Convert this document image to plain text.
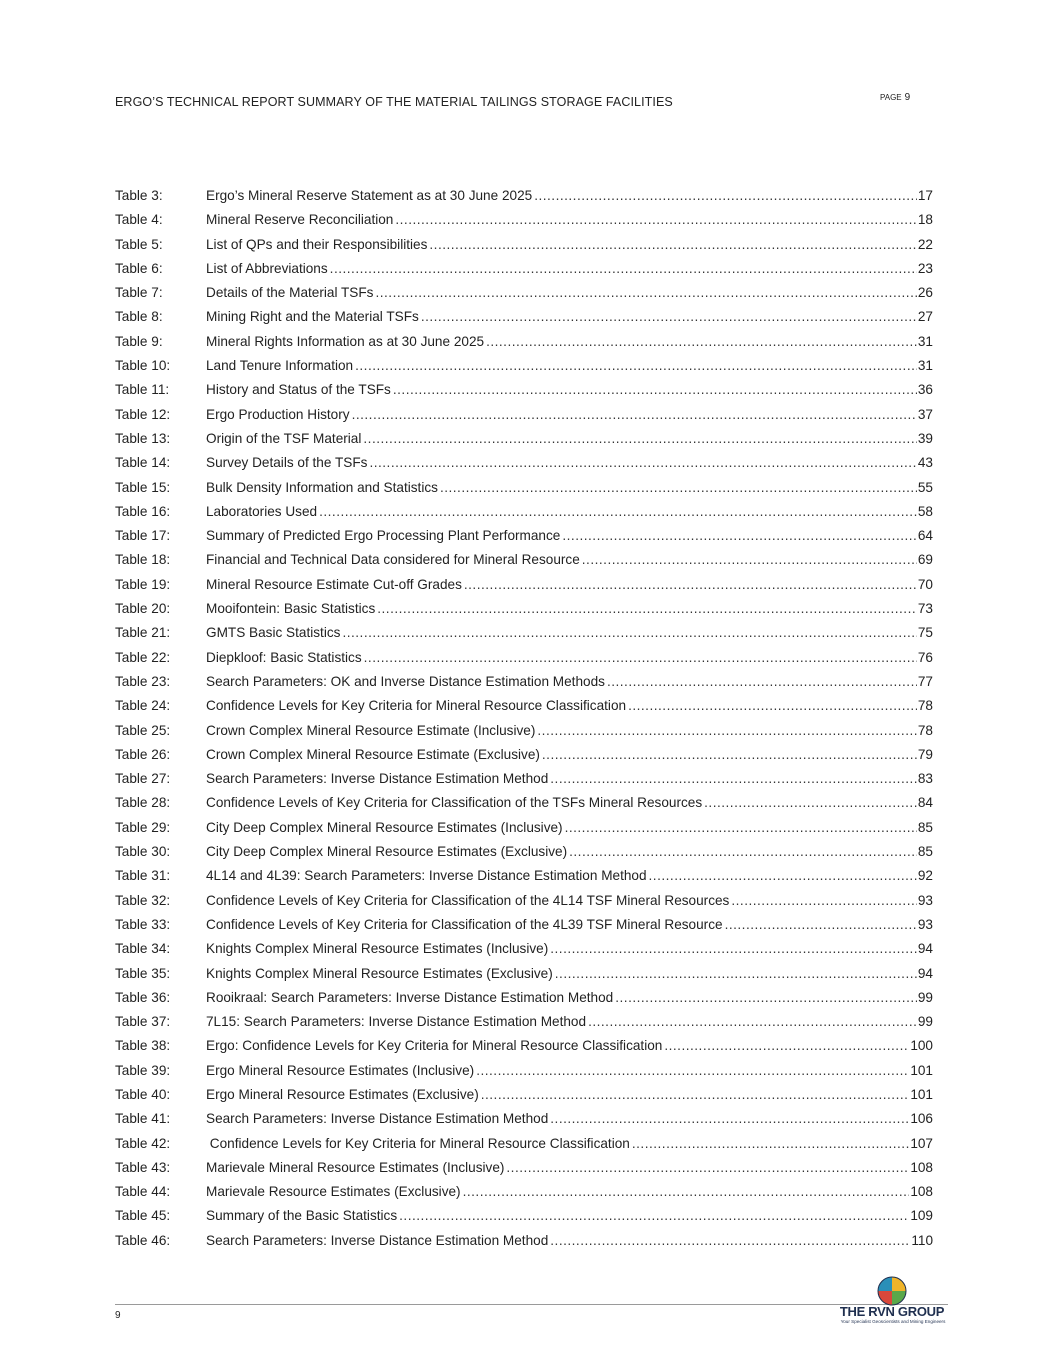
ERGO’S TECHNICAL REPORT SUMMARY OF THE MATERIAL TAILINGS STORAGE FACILITIES	PAGE 9
Table 3:	Ergo’s Mineral Reserve Statement as at 30 June 2025 .....	17
Table 4:	Mineral Reserve Reconciliation .....	18
Table 5:	List of QPs and their Responsibilities .....	22
Table 6:	List of Abbreviations .....	23
Table 7:	Details of the Material TSFs .....	26
Table 8:	Mining Right and the Material TSFs .....	27
Table 9:	Mineral Rights Information as at 30 June 2025 .....	31
Table 10:	Land Tenure Information .....	31
Table 11:	History and Status of the TSFs .....	36
Table 12:	Ergo Production History .....	37
Table 13:	Origin of the TSF Material .....	39
Table 14:	Survey Details of the TSFs .....	43
Table 15:	Bulk Density Information and Statistics .....	55
Table 16:	Laboratories Used .....	58
Table 17:	Summary of Predicted Ergo Processing Plant Performance .....	64
Table 18:	Financial and Technical Data considered for Mineral Resource .....	69
Table 19:	Mineral Resource Estimate Cut-off Grades .....	70
Table 20:	Mooifontein: Basic Statistics .....	73
Table 21:	GMTS Basic Statistics .....	75
Table 22:	Diepkloof: Basic Statistics .....	76
Table 23:	Search Parameters: OK and Inverse Distance Estimation Methods .....	77
Table 24:	Confidence Levels for Key Criteria for Mineral Resource Classification .....	78
Table 25:	Crown Complex Mineral Resource Estimate (Inclusive) .....	78
Table 26:	Crown Complex Mineral Resource Estimate (Exclusive) .....	79
Table 27:	Search Parameters: Inverse Distance Estimation Method .....	83
Table 28:	Confidence Levels of Key Criteria for Classification of the TSFs Mineral Resources .....	84
Table 29:	City Deep Complex Mineral Resource Estimates (Inclusive) .....	85
Table 30:	City Deep Complex Mineral Resource Estimates (Exclusive) .....	85
Table 31:	4L14 and 4L39: Search Parameters: Inverse Distance Estimation Method .....	92
Table 32:	Confidence Levels of Key Criteria for Classification of the 4L14 TSF Mineral Resources .....	93
Table 33:	Confidence Levels of Key Criteria for Classification of the 4L39 TSF Mineral Resource .....	93
Table 34:	Knights Complex Mineral Resource Estimates (Inclusive) .....	94
Table 35:	Knights Complex Mineral Resource Estimates (Exclusive) .....	94
Table 36:	Rooikraal: Search Parameters: Inverse Distance Estimation Method .....	99
Table 37:	7L15: Search Parameters: Inverse Distance Estimation Method .....	99
Table 38:	Ergo: Confidence Levels for Key Criteria for Mineral Resource Classification .....	100
Table 39:	Ergo Mineral Resource Estimates (Inclusive) .....	101
Table 40:	Ergo Mineral Resource Estimates (Exclusive) .....	101
Table 41:	Search Parameters: Inverse Distance Estimation Method .....	106
Table 42:	Confidence Levels for Key Criteria for Mineral Resource Classification .....	107
Table 43:	Marievale Mineral Resource Estimates (Inclusive) .....	108
Table 44:	Marievale Resource Estimates (Exclusive) .....	108
Table 45:	Summary of the Basic Statistics .....	109
Table 46:	Search Parameters: Inverse Distance Estimation Method .....	110
9	THE RVN GROUP
Your Specialist Geoscientists and Mining Engineers
